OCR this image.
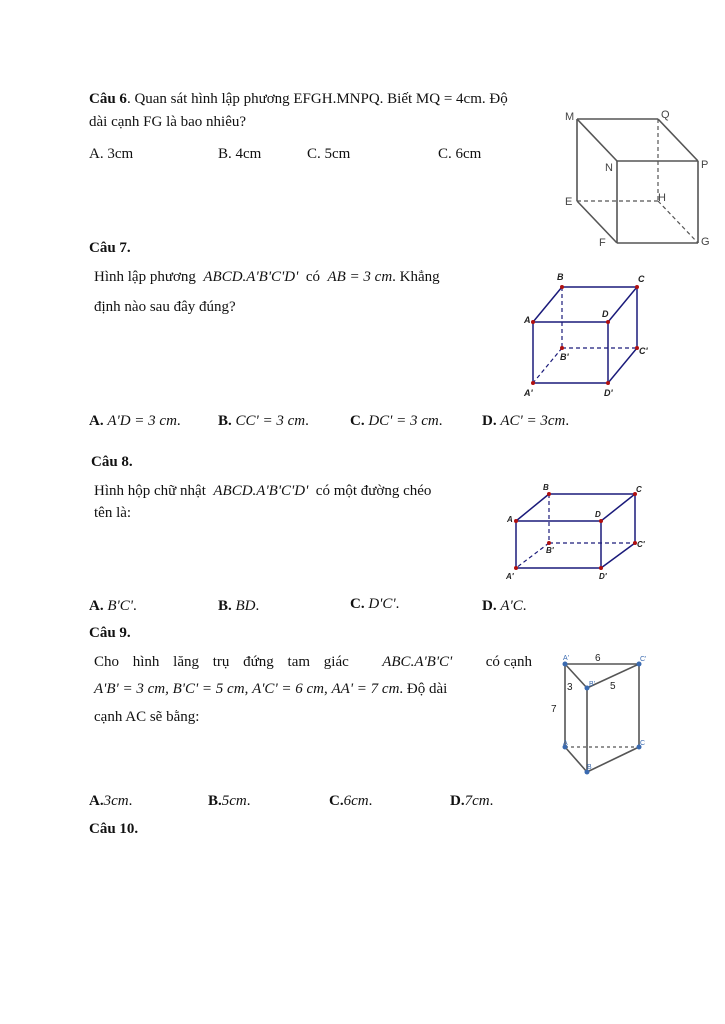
Câu 6. Quan sát hình lập phương EFGH.MNPQ. Biết MQ = 4cm. Độ
dài cạnh FG là bao nhiêu?
A. 3cm	B. 4cm	C. 5cm	C. 6cm
M	Q
N	P
E	H
F	G
Câu 7.
Hình lập phương ABCD.A'B'C'D' có AB = 3 cm. Khẳng
định nào sau đây đúng?
A. A'D = 3 cm. B. CC' = 3 cm.	C. DC' = 3 cm.	D. AC' = 3cm.
B	C
A
D
B'
C'
A'	D'
Câu 8.
Hình hộp chữ nhật ABCD.A'B'C'D' có một đường chéo
tên là:
A. B'C'.	B. BD.	C. D'C'.	D. A'C.
B	C
A
D
B'
C'
A'	D'
Câu 9.
Cho hình lăng trụ đứng tam giác ABC.A'B'C' có cạnh
A'B' = 3 cm, B'C' = 5 cm, A'C' = 6 cm, AA' = 7 cm. Độ dài
cạnh AC sẽ bằng:
A.3cm.	B.5cm.	C.6cm.	D.7cm.
A'	C'
B'
A	C
B
6
3	5
7
Câu 10.
